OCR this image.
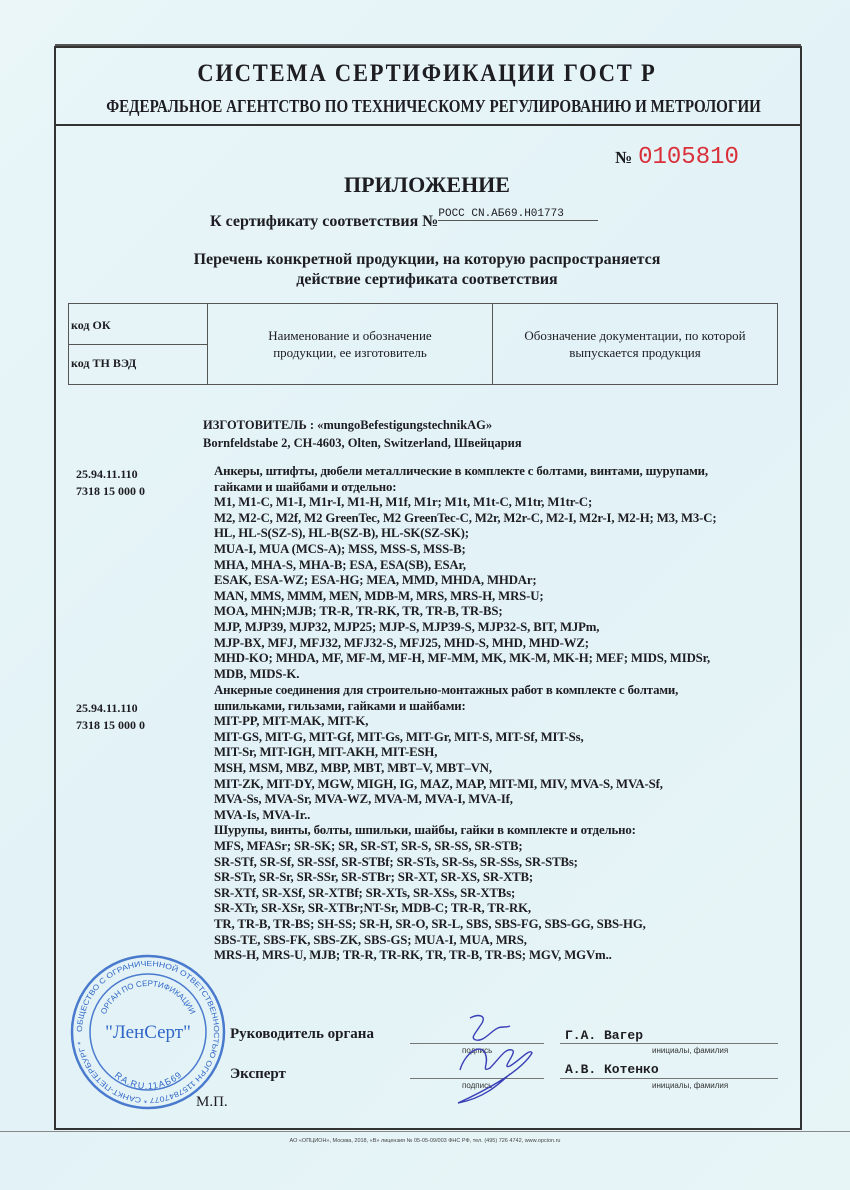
СИСТЕМА СЕРТИФИКАЦИИ ГОСТ Р
ФЕДЕРАЛЬНОЕ АГЕНТСТВО ПО ТЕХНИЧЕСКОМУ РЕГУЛИРОВАНИЮ И МЕТРОЛОГИИ
№ 0105810
ПРИЛОЖЕНИЕ
К сертификату соответствия №РОСС CN.АБ69.Н01773
Перечень конкретной продукции, на которую распространяется
действие сертификата соответствия
код ОК
код ТН ВЭД
Наименование и обозначение продукции, ее изготовитель
Обозначение документации, по которой выпускается продукция
ИЗГОТОВИТЕЛЬ : «mungoBefestigungstechnikAG»
Bornfeldstabe 2, CH-4603, Olten, Switzerland, Швейцария
25.94.11.110
7318 15 000 0
Анкеры, штифты, дюбели металлические в комплекте с болтами, винтами, шурупами,
гайками и шайбами и отдельно:
M1, M1-C, M1-I, M1r-I, M1-H, M1f, M1r; M1t, M1t-C, M1tr, M1tr-C;
M2, M2-C, M2f, M2 GreenTec, M2 GreenTec-C, M2r, M2r-C, M2-I, M2r-I, M2-H; M3, M3-C;
HL, HL-S(SZ-S), HL-B(SZ-B), HL-SK(SZ-SK);
MUA-I, MUA (MCS-A); MSS, MSS-S, MSS-B;
MHA, MHA-S, MHA-B; ESA, ESA(SB), ESAr,
ESAK, ESA-WZ; ESA-HG; MEA, MMD, MHDA, MHDAr;
MAN, MMS, MMM, MEN, MDB-M, MRS, MRS-H, MRS-U;
MOA, MHN;MJB; TR-R, TR-RK, TR, TR-B, TR-BS;
MJP, MJP39, MJP32, MJP25; MJP-S, MJP39-S, MJP32-S, BIT, MJPm,
MJP-BX, MFJ, MFJ32, MFJ32-S, MFJ25, MHD-S, MHD, MHD-WZ;
MHD-KO; MHDA, MF, MF-M, MF-H, MF-MM, MK, MK-M, MK-H; MEF; MIDS, MIDSr,
MDB, MIDS-K.
25.94.11.110
7318 15 000 0
Анкерные соединения для строительно-монтажных работ в комплекте с болтами,
шпильками, гильзами, гайками и шайбами:
MIT-PP, MIT-MAK, MIT-K,
MIT-GS, MIT-G, MIT-Gf, MIT-Gs, MIT-Gr, MIT-S, MIT-Sf, MIT-Ss,
MIT-Sr, MIT-IGH, MIT-AKH, MIT-ESH,
MSH, MSM, MBZ, MBP, MBT, MBT–V, MBT–VN,
MIT-ZK, MIT-DY, MGW, MIGH, IG, MAZ, MAP, MIT-MI, MIV, MVA-S, MVA-Sf,
MVA-Ss, MVA-Sr, MVA-WZ, MVA-M, MVA-I, MVA-If,
MVA-Is, MVA-Ir..
Шурупы, винты, болты, шпильки, шайбы, гайки в комплекте и отдельно:
MFS, MFASr; SR-SK; SR, SR-ST, SR-S, SR-SS, SR-STB;
SR-STf, SR-Sf, SR-SSf, SR-STBf; SR-STs, SR-Ss, SR-SSs, SR-STBs;
SR-STr, SR-Sr, SR-SSr, SR-STBr; SR-XT, SR-XS, SR-XTB;
SR-XTf, SR-XSf, SR-XTBf; SR-XTs, SR-XSs, SR-XTBs;
SR-XTr, SR-XSr, SR-XTBr;NT-Sr, MDB-C; TR-R, TR-RK,
TR, TR-B, TR-BS; SH-SS; SR-H, SR-O, SR-L, SBS, SBS-FG, SBS-GG, SBS-HG,
SBS-TE, SBS-FK, SBS-ZK, SBS-GS; MUA-I, MUA, MRS,
MRS-H, MRS-U, MJB; TR-R, TR-RK, TR, TR-B, TR-BS; MGV, MGVm..
ОБЩЕСТВО С ОГРАНИЧЕННОЙ ОТВЕТСТВЕННОСТЬЮ ОГРН 1157847077 * САНКТ-ПЕТЕРБУРГ *
ОРГАН ПО СЕРТИФИКАЦИИ
"ЛенСерт"
RA.RU.11АБ69
М.П.
Руководитель органа
подпись
Г.А. Вагер
инициалы, фамилия
Эксперт
подпись
А.В. Котенко
инициалы, фамилия
АО «ОПЦИОН», Москва, 2018, «В» лицензия № 05-05-09/003 ФНС РФ, тел. (495) 726 4742, www.opcion.ru
